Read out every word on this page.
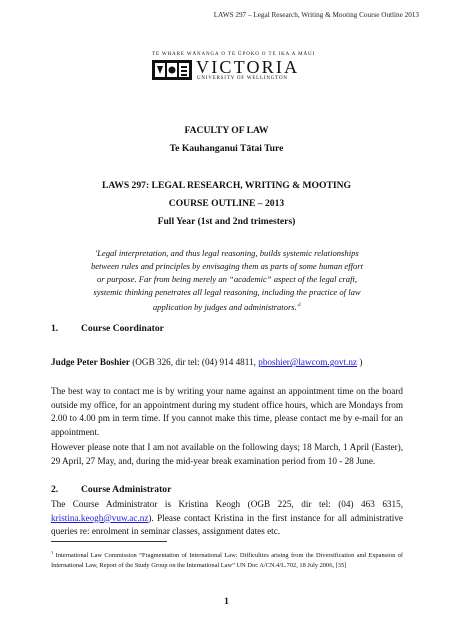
LAWS 297 – Legal Research, Writing & Mooting Course Outline 2013
TE WHARE WĀNANGA O TE ŪPOKO O TE IKA A MĀUI
VICTORIA
UNIVERSITY OF WELLINGTON
FACULTY OF LAW
Te Kauhanganui Tātai Ture
LAWS 297: LEGAL RESEARCH, WRITING & MOOTING
COURSE OUTLINE – 2013
Full Year (1st and 2nd trimesters)
'Legal interpretation, and thus legal reasoning, builds systemic relationships between rules and principles by envisaging them as parts of some human effort or purpose. Far from being merely an “academic” aspect of the legal craft, systemic thinking penetrates all legal reasoning, including the practice of law application by judges and $administrators.'^1$
1. Course Coordinator
Judge Peter Boshier (OGB 326, dir tel: (04) 914 4811, pboshier@lawcom.govt.nz )
The best way to contact me is by writing your name against an appointment time on the board outside my office, for an appointment during my student office hours, which are Mondays from 2.00 to 4.00 pm in term time. If you cannot make this time, please contact me by e-mail for an appointment.
However please note that I am not available on the following days; 18 March, 1 April (Easter), 29 April, 27 May, and, during the mid-year break examination period from 10 - 28 June.
2. Course Administrator
The Course Administrator is Kristina Keogh (OGB 225, dir tel: (04) 463 6315, kristina.keogh@vuw.ac.nz). Please contact Kristina in the first instance for all administrative queries re: enrolment in seminar classes, assignment dates etc.
$^1$ International Law Commission “Fragmentation of International Law: Difficulties arising from the Diversification and Expansion of International Law, Report of the Study Group on the International Law” UN Doc A/CN.4/L.702, 18 July 2006, [35]
1
